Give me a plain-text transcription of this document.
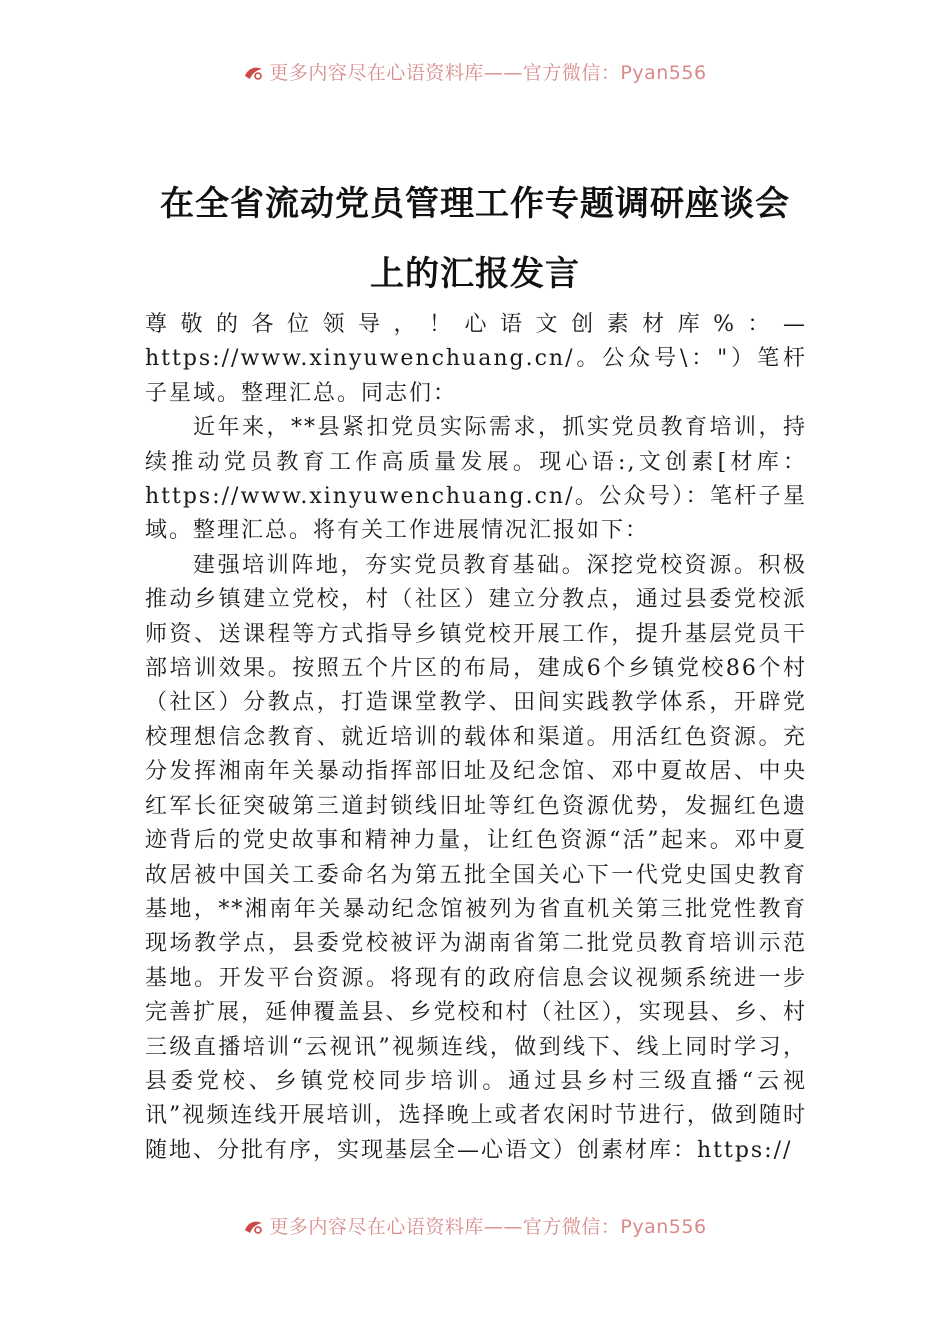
更多内容尽在心语资料库——官方微信：Pyan556
在全省流动党员管理工作专题调研座谈会
上的汇报发言

尊敬的各位领导，！心语文创素材库%：—https://www.xinyuwenchuang.cn/。公众号\："）笔杆子星域。整理汇总。同志们：

近年来，**县紧扣党员实际需求，抓实党员教育培训，持续推动党员教育工作高质量发展。现心语:,文创素[材库：https://www.xinyuwenchuang.cn/。公众号）：笔杆子星域。整理汇总。将有关工作进展情况汇报如下：

建强培训阵地，夯实党员教育基础。深挖党校资源。积极推动乡镇建立党校，村（社区）建立分教点，通过县委党校派师资、送课程等方式指导乡镇党校开展工作，提升基层党员干部培训效果。按照五个片区的布局，建成6个乡镇党校86个村（社区）分教点，打造课堂教学、田间实践教学体系，开辟党校理想信念教育、就近培训的载体和渠道。用活红色资源。充分发挥湘南年关暴动指挥部旧址及纪念馆、邓中夏故居、中央红军长征突破第三道封锁线旧址等红色资源优势，发掘红色遗迹背后的党史故事和精神力量，让红色资源“活”起来。邓中夏故居被中国关工委命名为第五批全国关心下一代党史国史教育基地，**湘南年关暴动纪念馆被列为省直机关第三批党性教育现场教学点，县委党校被评为湖南省第二批党员教育培训示范基地。开发平台资源。将现有的政府信息会议视频系统进一步完善扩展，延伸覆盖县、乡党校和村（社区），实现县、乡、村三级直播培训“云视讯”视频连线，做到线下、线上同时学习，县委党校、乡镇党校同步培训。通过县乡村三级直播“云视讯”视频连线开展培训，选择晚上或者农闲时节进行，做到随时随地、分批有序，实现基层全—心语文）创素材库：https://

更多内容尽在心语资料库——官方微信：Pyan556
